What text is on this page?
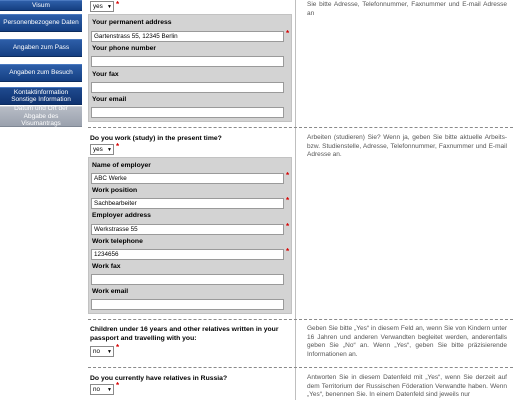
Visum
Personenbezogene Daten
Angaben zum Pass
Angaben zum Besuch
Kontaktinformation Sonstige Information
Datum und Ort der Abgabe des Visumantrags
yes ▼ *
Your permanent address
Gartenstrass 55, 12345 Berlin	*
Your phone number
Your fax
Your email
Sie bitte Adresse, Telefonnummer, Faxnummer und E-mail Adresse an
Do you work (study) in the present time?
yes ▼ *
Name of employer
ABC Werke	*
Work position
Sachbearbeiter	*
Employer address
Werkstrasse 55	*
Work telephone
1234656	*
Work fax
Work email
Arbeiten (studieren) Sie? Wenn ja, geben Sie bitte aktuelle Arbeits- bzw. Studienstelle, Adresse, Telefonnummer, Faxnummer und E-mail Adresse an.
Children under 16 years and other relatives written in your passport and travelling with you:
no ▼ *
Geben Sie bitte „Yes“ in diesem Feld an, wenn Sie von Kindern unter 16 Jahren und anderen Verwandten begleitet werden, anderenfalls geben Sie „No“ an. Wenn „Yes“, geben Sie bitte präzisierende Informationen an.
Do you currently have relatives in Russia?
no ▼ *
Antworten Sie in diesem Datenfeld mit „Yes“, wenn Sie derzeit auf dem Territorium der Russischen Föderation Verwandte haben. Wenn „Yes“, benennen Sie. In einem Datenfeld sind jeweils nur
